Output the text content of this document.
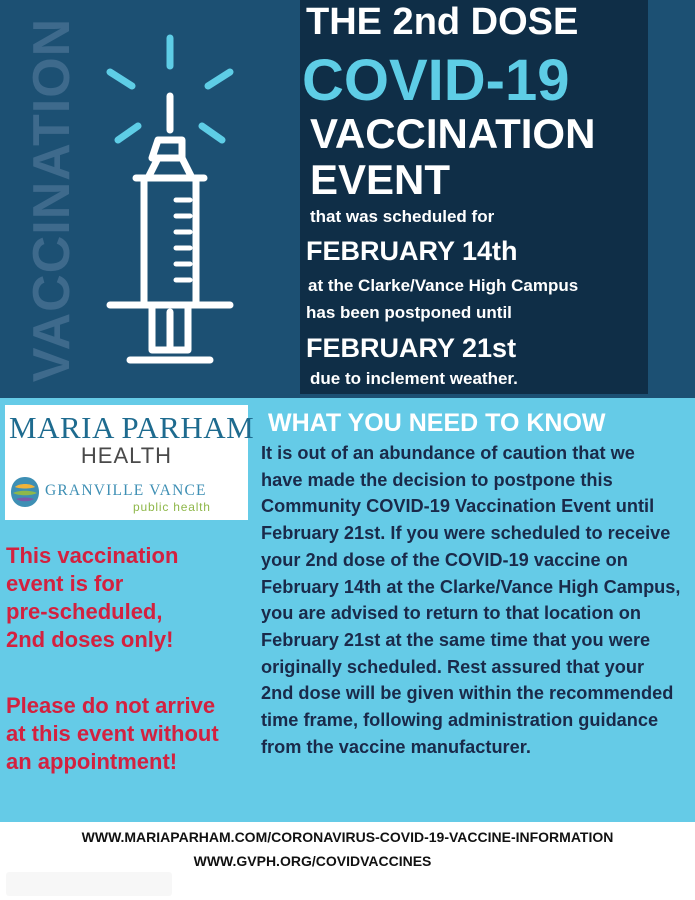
VACCINATION	THE 2nd DOSE
COVID-19
VACCINATION
EVENT
that was scheduled for
FEBRUARY 14th
at the Clarke/Vance High Campus
has been postponed until
FEBRUARY 21st
due to inclement weather.
MARIA PARHAM
HEALTH
GRANVILLE VANCE
public health
This vaccination
event is for
pre-scheduled,
2nd doses only!
Please do not arrive
at this event without
an appointment!
WHAT YOU NEED TO KNOW
It is out of an abundance of caution that we have made the decision to postpone this Community COVID-19 Vaccination Event until February 21st. If you were scheduled to receive your 2nd dose of the COVID-19 vaccine on February 14th at the Clarke/Vance High Campus, you are advised to return to that location on February 21st at the same time that you were originally scheduled. Rest assured that your 2nd dose will be given within the recommended time frame, following administration guidance from the vaccine manufacturer.
WWW.MARIAPARHAM.COM/CORONAVIRUS-COVID-19-VACCINE-INFORMATION
WWW.GVPH.ORG/COVIDVACCINES
